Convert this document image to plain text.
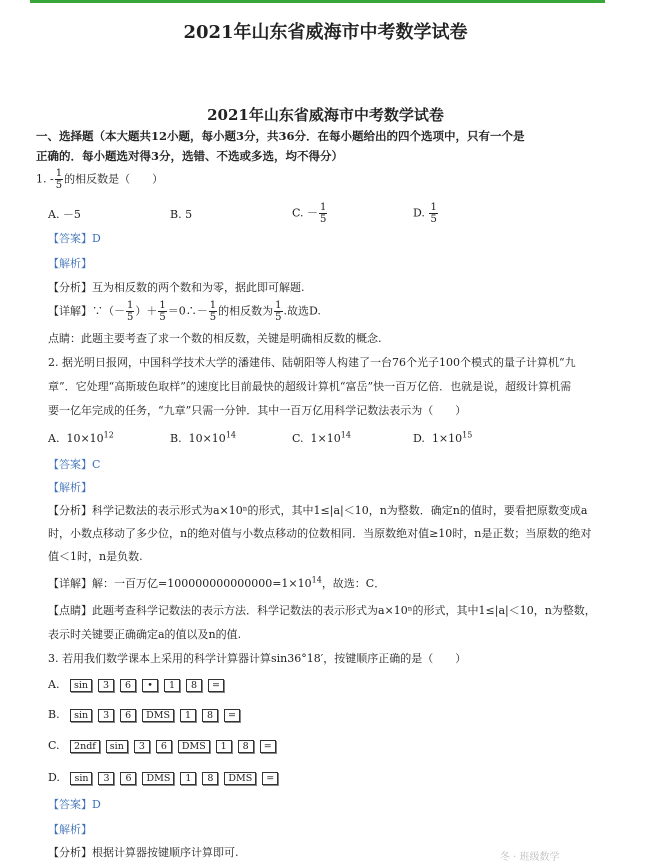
2021年山东省威海市中考数学试卷
2021年山东省威海市中考数学试卷
一、选择题（本大题共12小题，每小题3分，共36分．在每小题给出的四个选项中，只有一个是
正确的．每小题选对得3分，选错、不选或多选，均不得分）
1. - $\frac{1}{5}$ 的相反数是（　　）
A. －5	B. 5	C. － $\frac{1}{5}$	D. $\frac{1}{5}$
【答案】D
【解析】
【分析】互为相反数的两个数和为零，据此即可解题.
【详解】∵（－ $\frac{1}{5}$ ）＋ $\frac{1}{5}$ ＝0∴－ $\frac{1}{5}$ 的相反数为 $\frac{1}{5}$ .故选D.
点睛：此题主要考查了求一个数的相反数，关键是明确相反数的概念.
2. 据光明日报网，中国科学技术大学的潘建伟、陆朝阳等人构建了一台76个光子100个模式的量子计算机“九
章”．它处理“高斯玻色取样”的速度比目前最快的超级计算机“富岳”快一百万亿倍．也就是说，超级计算机需
要一亿年完成的任务，“九章”只需一分钟．其中一百万亿用科学记数法表示为（　　）
A. $10\times 10^{12}$	B. $10\times 10^{14}$	C. $1\times 10^{14}$	D. $1\times 10^{15}$
【答案】C
【解析】
【分析】科学记数法的表示形式为a×10ⁿ的形式，其中1≤|a|＜10，n为整数．确定n的值时，要看把原数变成a
时，小数点移动了多少位，n的绝对值与小数点移动的位数相同．当原数绝对值≥10时，n是正数；当原数的绝对
值＜1时，n是负数.
【详解】解：一百万亿$=100000000000000=1\times 10^{14}$，故选：C．
【点睛】此题考查科学记数法的表示方法．科学记数法的表示形式为a×10ⁿ的形式，其中1≤|a|＜10，n为整数，
表示时关键要正确确定a的值以及n的值.
3. 若用我们数学课本上采用的科学计算器计算sin36°18′，按键顺序正确的是（　　）
A. sin 3 6 • 1 8 =
B. sin 3 6 DMS 1 8 =
C. 2ndf sin 3 6 DMS 1 8 =
D. sin 3 6 DMS 1 8 DMS =
【答案】D
【解析】
【分析】根据计算器按键顺序计算即可.	冬 · 班级数学
